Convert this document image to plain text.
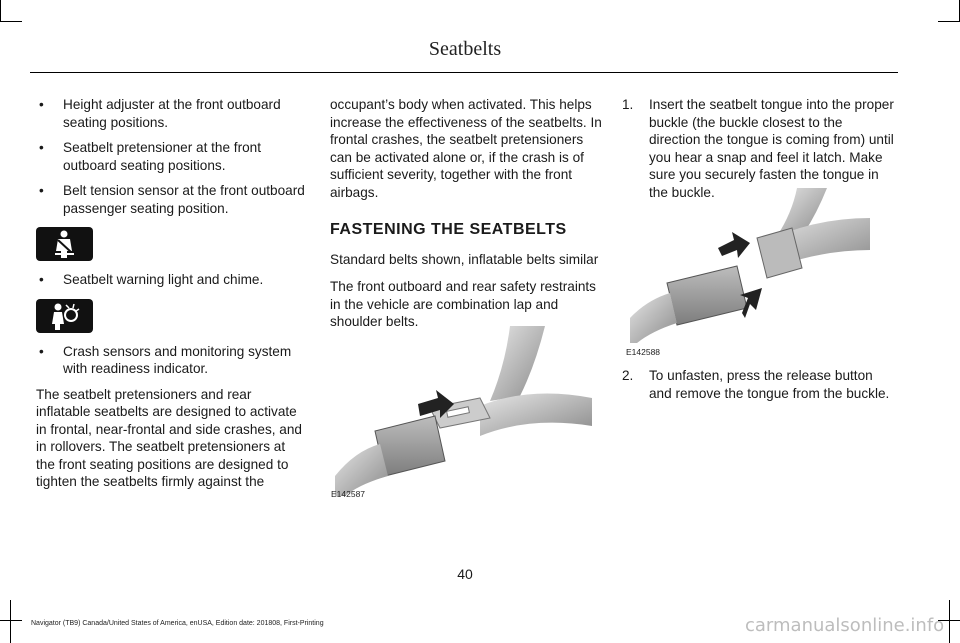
Seatbelts
• Height adjuster at the front outboard seating positions.
• Seatbelt pretensioner at the front outboard seating positions.
• Belt tension sensor at the front outboard passenger seating position.
• Seatbelt warning light and chime.
• Crash sensors and monitoring system with readiness indicator.

The seatbelt pretensioners and rear inflatable seatbelts are designed to activate in frontal, near-frontal and side crashes, and in rollovers. The seatbelt pretensioners at the front seating positions are designed to tighten the seatbelts firmly against the

occupant’s body when activated. This helps increase the effectiveness of the seatbelts. In frontal crashes, the seatbelt pretensioners can be activated alone or, if the crash is of sufficient severity, together with the front airbags.

FASTENING THE SEATBELTS

Standard belts shown, inflatable belts similar

The front outboard and rear safety restraints in the vehicle are combination lap and shoulder belts.

E142587
1. Insert the seatbelt tongue into the proper buckle (the buckle closest to the direction the tongue is coming from) until you hear a snap and feel it latch. Make sure you securely fasten the tongue in the buckle.
E142588
2. To unfasten, press the release button and remove the tongue from the buckle.
40
Navigator (TB9) Canada/United States of America, enUSA, Edition date: 201808, First-Printing	carmanualsonline.info
